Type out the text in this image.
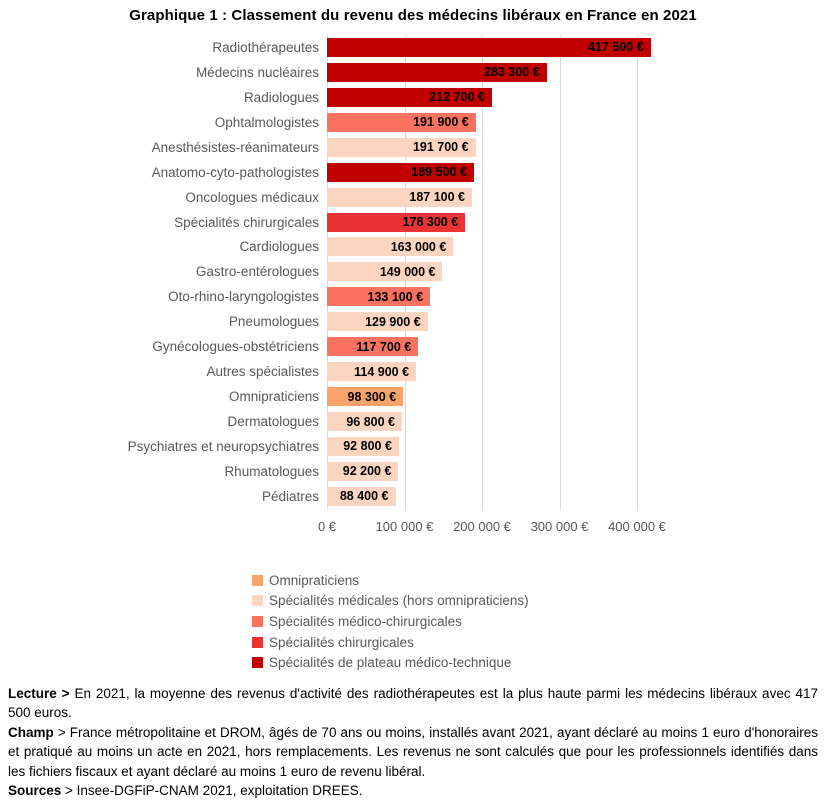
Graphique 1 : Classement du revenu des médecins libéraux en France en 2021
Radiothérapeutes	417 500 €
Médecins nucléaires	283 300 €
Radiologues	212 700 €
Ophtalmologistes	191 900 €
Anesthésistes-réanimateurs	191 700 €
Anatomo-cyto-pathologistes	189 500 €
Oncologues médicaux	187 100 €
Spécialités chirurgicales	178 300 €
Cardiologues	163 000 €
Gastro-entérologues	149 000 €
Oto-rhino-laryngologistes	133 100 €
Pneumologues	129 900 €
Gynécologues-obstétriciens	117 700 €
Autres spécialistes	114 900 €
Omnipraticiens 98 300 €
Dermatologues 96 800 €
Psychiatres et neuropsychiatres 92 800 €
Rhumatologues 92 200 €
Pédiatres 88 400 €
0 €	100 000 € 200 000 € 300 000 € 400 000 €
Omnipraticiens
Spécialités médicales (hors omnipraticiens)
Spécialités médico-chirurgicales
Spécialités chirurgicales
Spécialités de plateau médico-technique

Lecture > En 2021, la moyenne des revenus d'activité des radiothérapeutes est la plus haute parmi les médecins libéraux avec 417 500 euros.

Champ > France métropolitaine et DROM, âgés de 70 ans ou moins, installés avant 2021, ayant déclaré au moins 1 euro d'honoraires et pratiqué au moins un acte en 2021, hors remplacements. Les revenus ne sont calculés que pour les professionnels identifiés dans les fichiers fiscaux et ayant déclaré au moins 1 euro de revenu libéral.

Sources > Insee-DGFiP-CNAM 2021, exploitation DREES.
